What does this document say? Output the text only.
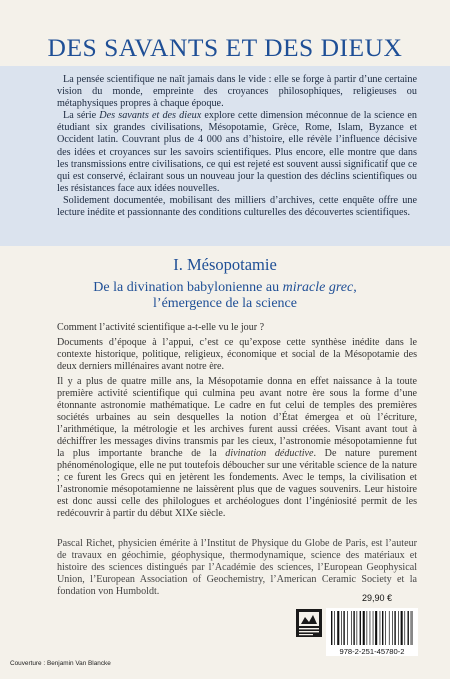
DES SAVANTS ET DES DIEUX

La pensée scientifique ne naît jamais dans le vide : elle se forge à partir d’une certaine vision du monde, empreinte des croyances philosophiques, religieuses ou métaphysiques propres à chaque époque.

La série Des savants et des dieux explore cette dimension méconnue de la science en étudiant six grandes civilisations, Mésopotamie, Grèce, Rome, Islam, Byzance et Occident latin. Couvrant plus de 4 000 ans d’histoire, elle révèle l’influence décisive des idées et croyances sur les savoirs scientifiques. Plus encore, elle montre que dans les transmissions entre civilisations, ce qui est rejeté est souvent aussi significatif que ce qui est conservé, éclairant sous un nouveau jour la question des déclins scientifiques ou les résistances face aux idées nouvelles.

Solidement documentée, mobilisant des milliers d’archives, cette enquête offre une lecture inédite et passionnante des conditions culturelles des découvertes scientifiques.

I. Mésopotamie
De la divination babylonienne au miracle grec,
l’émergence de la science

Comment l’activité scientifique a-t-elle vu le jour ?

Documents d’époque à l’appui, c’est ce qu’expose cette synthèse inédite dans le contexte historique, politique, religieux, économique et social de la Mésopotamie des deux derniers millénaires avant notre ère.

Il y a plus de quatre mille ans, la Mésopotamie donna en effet naissance à la toute première activité scientifique qui culmina peu avant notre ère sous la forme d’une étonnante astronomie mathématique. Le cadre en fut celui de temples des premières sociétés urbaines au sein desquelles la notion d’État émergea et où l’écriture, l’arithmétique, la métrologie et les archives furent aussi créées. Visant avant tout à déchiffrer les messages divins transmis par les cieux, l’astronomie mésopotamienne fut la plus importante branche de la divination déductive. De nature purement phénoménologique, elle ne put toutefois déboucher sur une véritable science de la nature ; ce furent les Grecs qui en jetèrent les fondements. Avec le temps, la civilisation et l’astronomie mésopotamienne ne laissèrent plus que de vagues souvenirs. Leur histoire est donc aussi celle des philologues et archéologues dont l’ingéniosité permit de les redécouvrir à partir du début XIXe siècle.

Pascal Richet, physicien émérite à l’Institut de Physique du Globe de Paris, est l’auteur de travaux en géochimie, géophysique, thermodynamique, science des matériaux et histoire des sciences distingués par l’Académie des sciences, l’European Geophysical Union, l’European Association of Geochemistry, l’American Ceramic Society et la fondation von Humboldt.

29,90 €
978-2-251-45780-2
Couverture : Benjamin Van Blancke
